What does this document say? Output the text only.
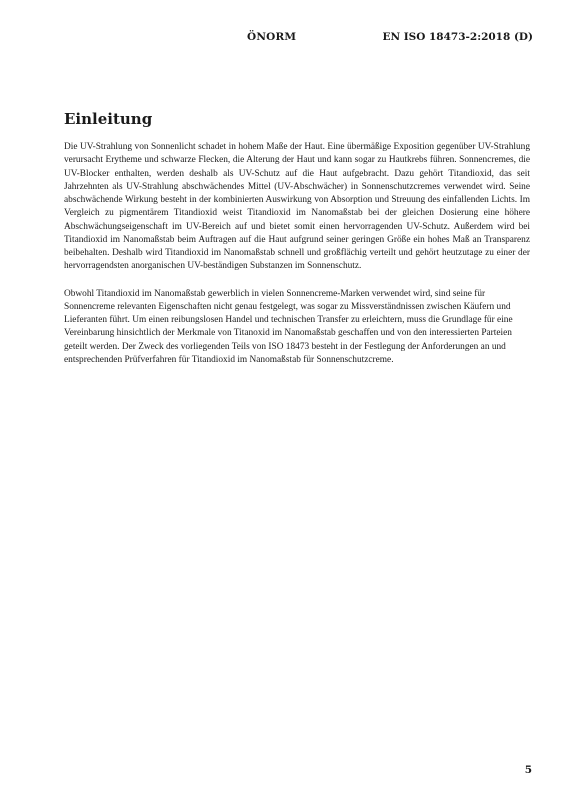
ÖNORM	EN ISO 18473-2:2018 (D)
Einleitung

Die UV-Strahlung von Sonnenlicht schadet in hohem Maße der Haut. Eine übermäßige Exposition gegenüber UV-Strahlung verursacht Erytheme und schwarze Flecken, die Alterung der Haut und kann sogar zu Hautkrebs führen. Sonnencremes, die UV-Blocker enthalten, werden deshalb als UV-Schutz auf die Haut aufgebracht. Dazu gehört Titandioxid, das seit Jahrzehnten als UV-Strahlung abschwächendes Mittel (UV-Abschwächer) in Sonnenschutzcremes verwendet wird. Seine abschwächende Wirkung besteht in der kombinierten Auswirkung von Absorption und Streuung des einfallenden Lichts. Im Vergleich zu pigmentärem Titandioxid weist Titandioxid im Nanomaßstab bei der gleichen Dosierung eine höhere Abschwächungseigenschaft im UV-Bereich auf und bietet somit einen hervorragenden UV-Schutz. Außerdem wird bei Titandioxid im Nanomaßstab beim Auftragen auf die Haut aufgrund seiner geringen Größe ein hohes Maß an Transparenz beibehalten. Deshalb wird Titandioxid im Nanomaßstab schnell und großflächig verteilt und gehört heutzutage zu einer der hervorragendsten anorganischen UV-beständigen Substanzen im Sonnenschutz.

Obwohl Titandioxid im Nanomaßstab gewerblich in vielen Sonnencreme-Marken verwendet wird, sind seine für Sonnencreme relevanten Eigenschaften nicht genau festgelegt, was sogar zu Missverständnissen zwischen Käufern und Lieferanten führt. Um einen reibungslosen Handel und technischen Transfer zu erleichtern, muss die Grundlage für eine Vereinbarung hinsichtlich der Merkmale von Titanoxid im Nanomaßstab geschaffen und von den interessierten Parteien geteilt werden. Der Zweck des vorliegenden Teils von ISO 18473 besteht in der Festlegung der Anforderungen an und entsprechenden Prüfverfahren für Titandioxid im Nanomaßstab für Sonnenschutzcreme.

5
